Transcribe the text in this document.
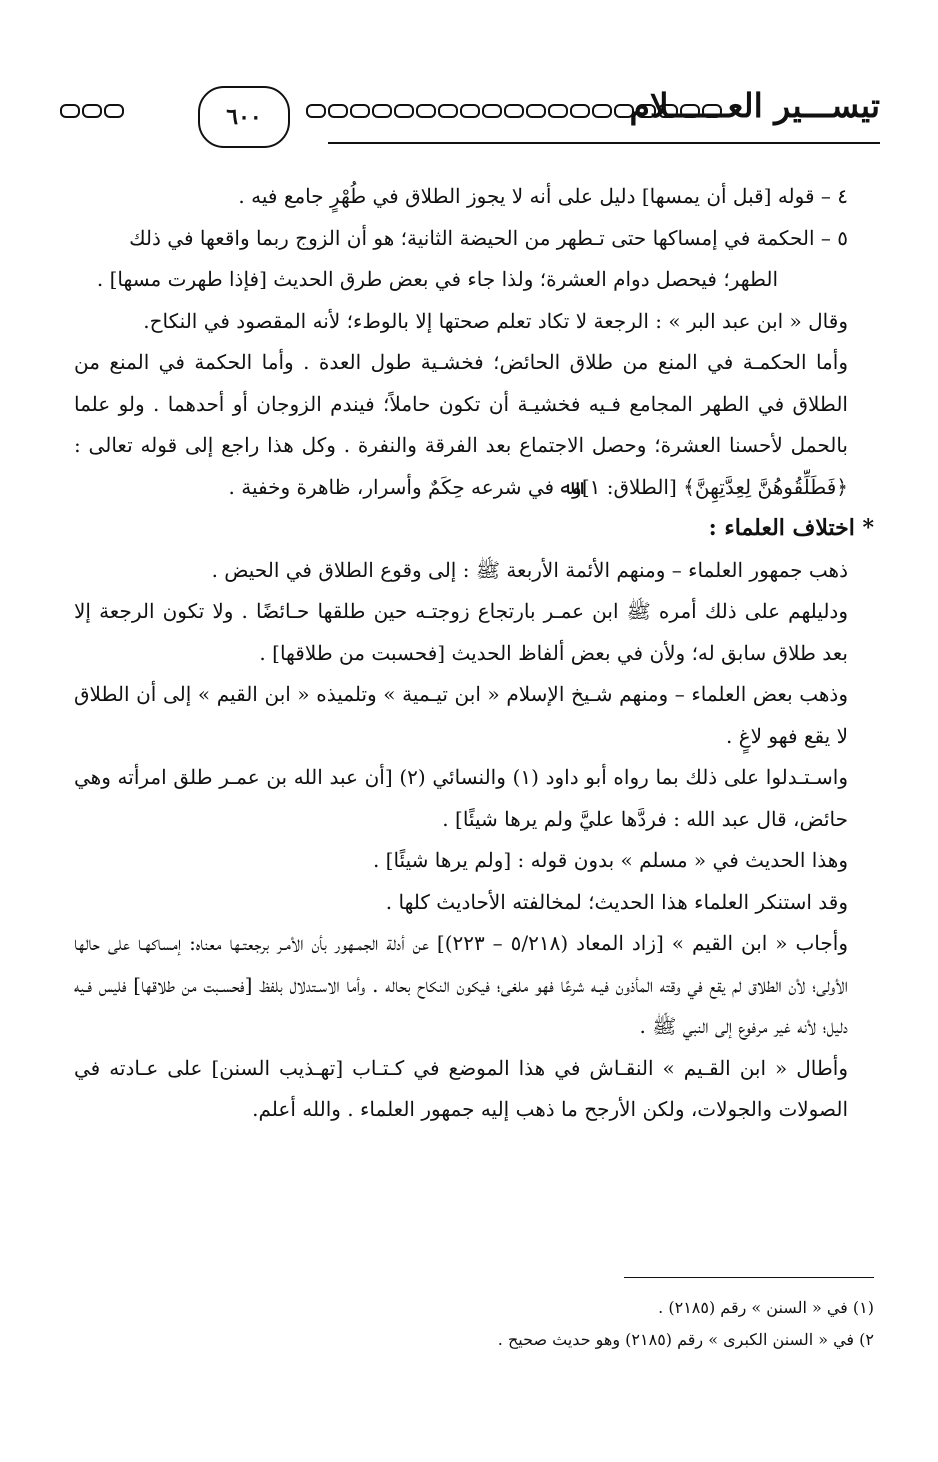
٦٠٠	تيســـير العــــــلام

٤ – قوله [قبل أن يمسها] دليل على أنه لا يجوز الطلاق في طُهْرٍ جامع فيه .

٥ – الحكمة في إمساكها حتى تـطهر من الحيضة الثانية؛ هو أن الزوج ربما واقعها في ذلك

الطهر؛ فيحصل دوام العشرة؛ ولذا جاء في بعض طرق الحديث [فإذا طهرت مسها] .

وقال « ابن عبد البر » : الرجعة لا تكاد تعلم صحتها إلا بالوطء؛ لأنه المقصود في النكاح.

وأما الحكمـة في المنع من طلاق الحائض؛ فخشـية طول العدة . وأما الحكمة في المنع من الطلاق في الطهر المجامع فـيه فخشيـة أن تكون حاملاً؛ فيندم الزوجان أو أحدهما . ولو علما بالحمل لأحسنا العشرة؛ وحصل الاجتماع بعد الفرقة والنفرة . وكل هذا راجع إلى قوله تعالى : ﴿فَطَلِّقُوهُنَّ لِعِدَّتِهِنَّ﴾ [الطلاق: ١]وﷲ في شرعه حِكَمٌ وأسرار، ظاهرة وخفية .

* اختلاف العلماء :

ذهب جمهور العلماء – ومنهم الأئمة الأربعة ﷺ : إلى وقوع الطلاق في الحيض .

ودليلهم على ذلك أمره ﷺ ابن عمـر بارتجاع زوجتـه حين طلقها حـائضًا . ولا تكون الرجعة إلا بعد طلاق سابق له؛ ولأن في بعض ألفاظ الحديث [فحسبت من طلاقها] .

وذهب بعض العلماء – ومنهم شـيخ الإسلام « ابن تيـمية » وتلميذه « ابن القيم » إلى أن الطلاق لا يقع فهو لاغٍ .

واسـتـدلوا على ذلك بما رواه أبو داود (١) والنسائي (٢) [أن عبد الله بن عمـر طلق امرأته وهي حائض، قال عبد الله : فردَّها عليَّ ولم يرها شيئًا] .

وهذا الحديث في « مسلم » بدون قوله : [ولم يرها شيئًا] .

وقد استنكر العلماء هذا الحديث؛ لمخالفته الأحاديث كلها .

وأجاب « ابن القيم » [زاد المعاد (٥/٢١٨ – ٢٢٣)] عن أدلة الجمـهور بأن الأمـر برجعتـها معناه: إمساكهـا على حالها الأولى؛ لأن الطلاق لم يقع في وقته المأذون فيـه شرعًا فهو ملغى؛ فيكون النكاح بحاله . وأما الاسـتدلال بلفظ [فحسـبت من طلاقها] فليس فـيه دليل؛ لأنه غير مرفوع إلى النبي ﷺ .

وأطال « ابن القـيم » النقـاش في هذا الموضع في كـتـاب [تهـذيب السنن] على عـادته في الصولات والجولات، ولكن الأرجح ما ذهب إليه جمهور العلماء . والله أعلم.

(١) في « السنن » رقم (٢١٨٥) .

٢) في « السنن الكبرى » رقم (٢١٨٥) وهو حديث صحيح .
